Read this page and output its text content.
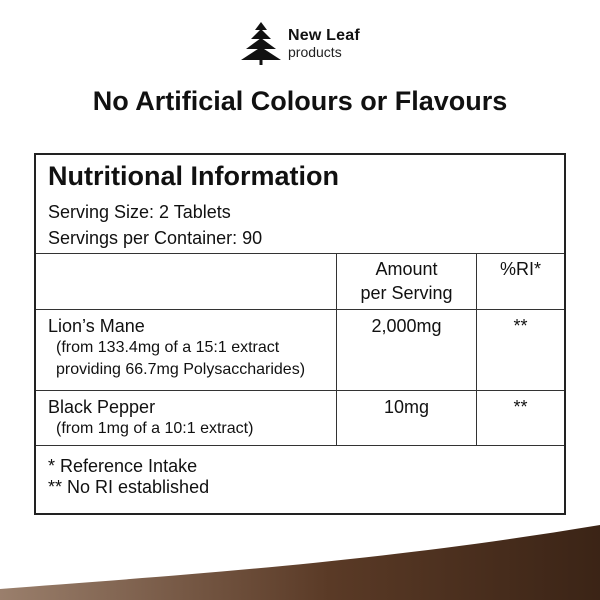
New Leaf
products
No Artificial Colours or Flavours
Nutritional Information
Serving Size: 2 Tablets
Servings per Container: 90

	Amount
per Serving	%RI*

Lion’s Mane
(from 133.4mg of a 15:1 extract
providing 66.7mg Polysaccharides)	2,000mg	**

Black Pepper
(from 1mg of a 10:1 extract)	10mg	**

* Reference Intake
** No RI established		
